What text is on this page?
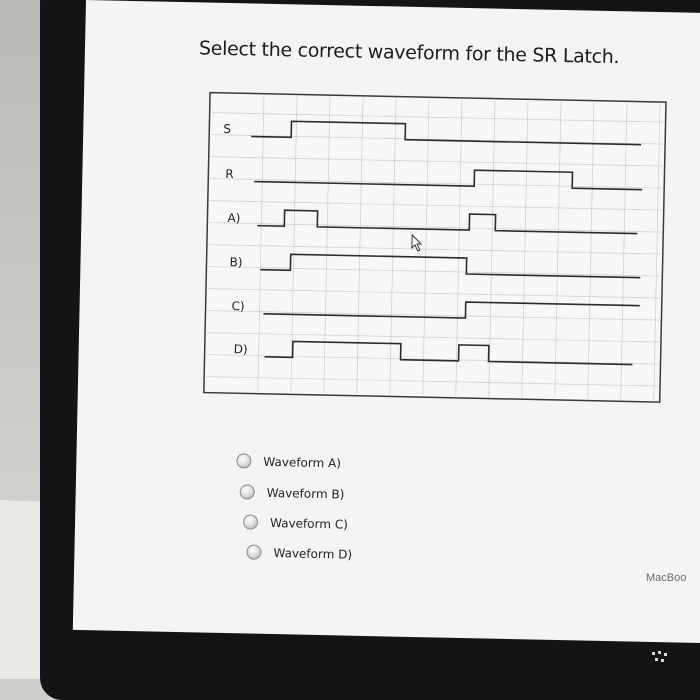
Select the correct waveform for the SR Latch.
S
R
A)
B)
C)
D)
Waveform A)
Waveform B)
Waveform C)
Waveform D)
MacBoo
